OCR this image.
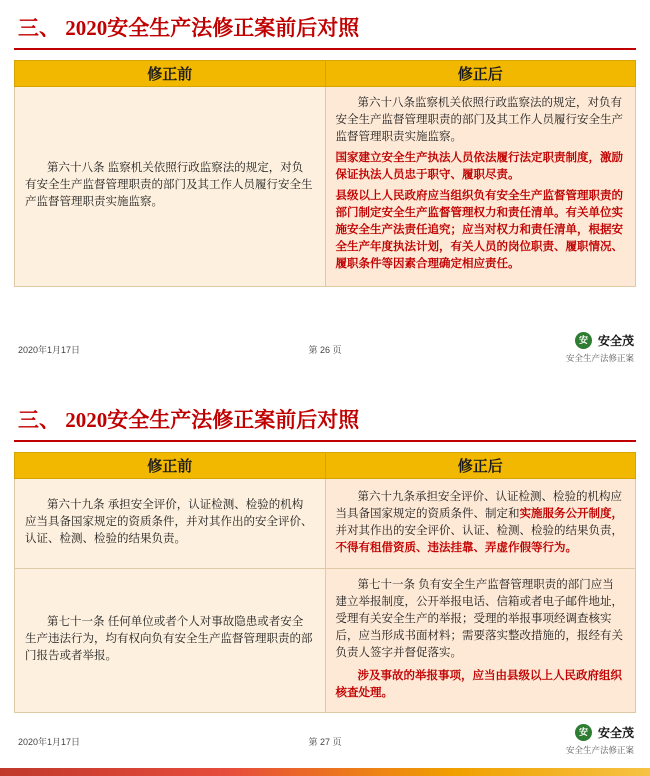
三、 2020安全生产法修正案前后对照
修正前	修正后

第六十八条 监察机关依照行政监察法的规定，对负有安全生产监督管理职责的部门及其工作人员履行安全生产监督管理职责实施监察。	第六十八条监察机关依照行政监察法的规定，对负有安全生产监督管理职责的部门及其工作人员履行安全生产监督管理职责实施监察。

国家建立安全生产执法人员依法履行法定职责制度，激励保证执法人员忠于职守、履职尽责。

县级以上人民政府应当组织负有安全生产监督管理职责的部门制定安全生产监督管理权力和责任清单。有关单位实施安全生产法责任追究；应当对权力和责任清单，根据安全生产年度执法计划，有关人员的岗位职责、履职情况、履职条件等因素合理确定相应责任。

2020年1月17日	第 26 页
安 安全茂
安全生产法修正案
三、 2020安全生产法修正案前后对照
修正前	修正后

第六十九条 承担安全评价，认证检测、检验的机构应当具备国家规定的资质条件，并对其作出的安全评价、认证、检测、检验的结果负责。	第六十九条承担安全评价、认证检测、检验的机构应当具备国家规定的资质条件、制定和实施服务公开制度，并对其作出的安全评价、认证、检测、检验的结果负责，不得有租借资质、违法挂靠、弄虚作假等行为。

第七十一条 任何单位或者个人对事故隐患或者安全生产违法行为，均有权向负有安全生产监督管理职责的部门报告或者举报。	第七十一条 负有安全生产监督管理职责的部门应当建立举报制度，公开举报电话、信箱或者电子邮件地址，受理有关安全生产的举报；受理的举报事项经调查核实后，应当形成书面材料；需要落实整改措施的，报经有关负责人签字并督促落实。

涉及事故的举报事项，应当由县级以上人民政府组织核查处理。

2020年1月17日	第 27 页
安 安全茂
安全生产法修正案
